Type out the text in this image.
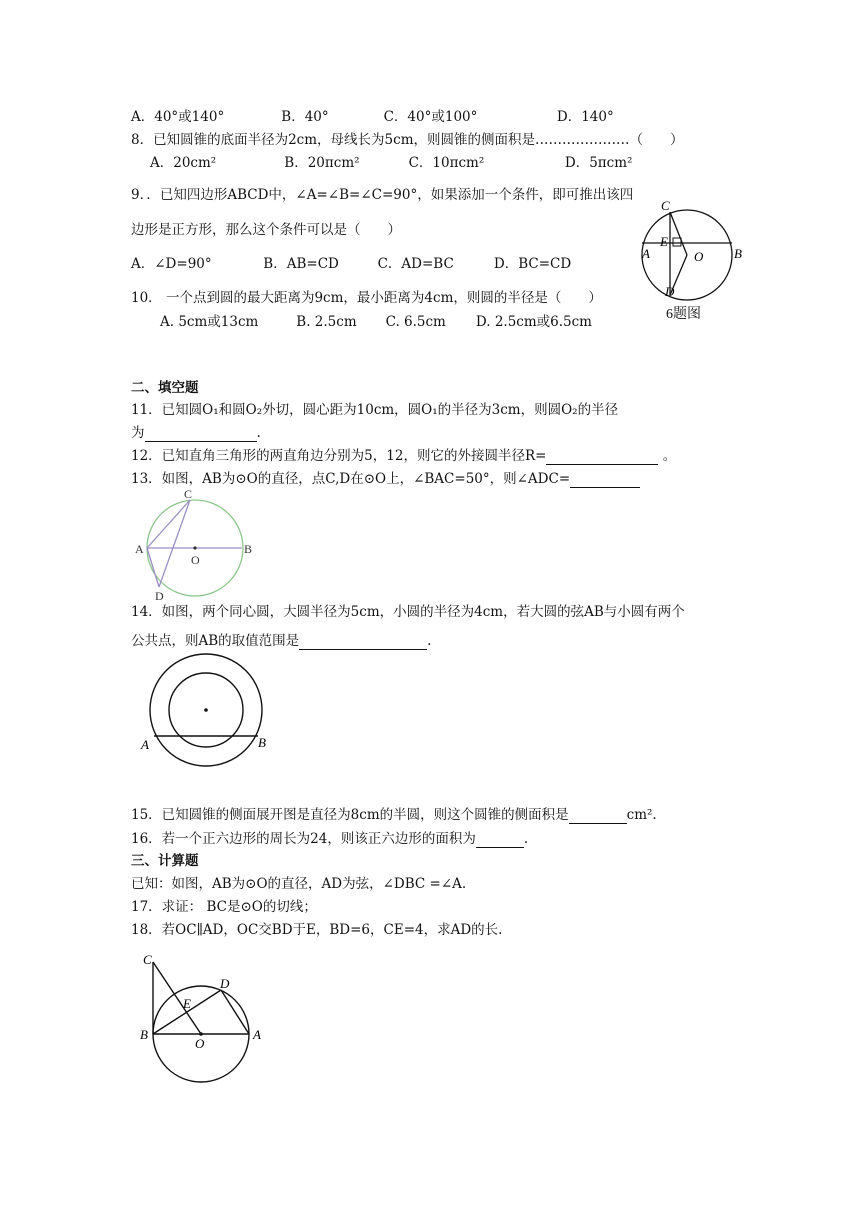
A．40°或140°	B．40°	C．40°或100°	D．140°
8．已知圆锥的底面半径为2cm，母线长为5cm，则圆锥的侧面积是…………………（　　）
A．20cm²	B．20πcm²	C．10πcm²	D．5πcm²
9．．已知四边形ABCD中，∠A=∠B=∠C=90°，如果添加一个条件，即可推出该四
边形是正方形，那么这个条件可以是（　　）
A．∠D=90°	B．AB=CD	C．AD=BC	D．BC=CD
C
E
A	O B
D
10． 一个点到圆的最大距离为9cm，最小距离为4cm，则圆的半径是（　　）
A. 5cm或13cm	B. 2.5cm C. 6.5cm D. 2.5cm或6.5cm	6题图
二、填空题
11．已知圆O₁和圆O₂外切，圆心距为10cm，圆O₁的半径为3cm，则圆O₂的半径
为	.
12．已知直角三角形的两直角边分别为5，12，则它的外接圆半径R=	。
13．如图，AB为⊙O的直径，点C,D在⊙O上，∠BAC=50°，则∠ADC=
C
A
O
B
D
14．如图，两个同心圆，大圆半径为5cm，小圆的半径为4cm，若大圆的弦AB与小圆有两个
公共点，则AB的取值范围是	.
A	B
15．已知圆锥的侧面展开图是直径为8cm的半圆，则这个圆锥的侧面积是	cm².
16．若一个正六边形的周长为24，则该正六边形的面积为	.
三、计算题
已知：如图，AB为⊙O的直径，AD为弦，∠DBC =∠A.
17．求证： BC是⊙O的切线；
18．若OC∥AD，OC交BD于E，BD=6，CE=4，求AD的长.
C
D
E
B
O
A
